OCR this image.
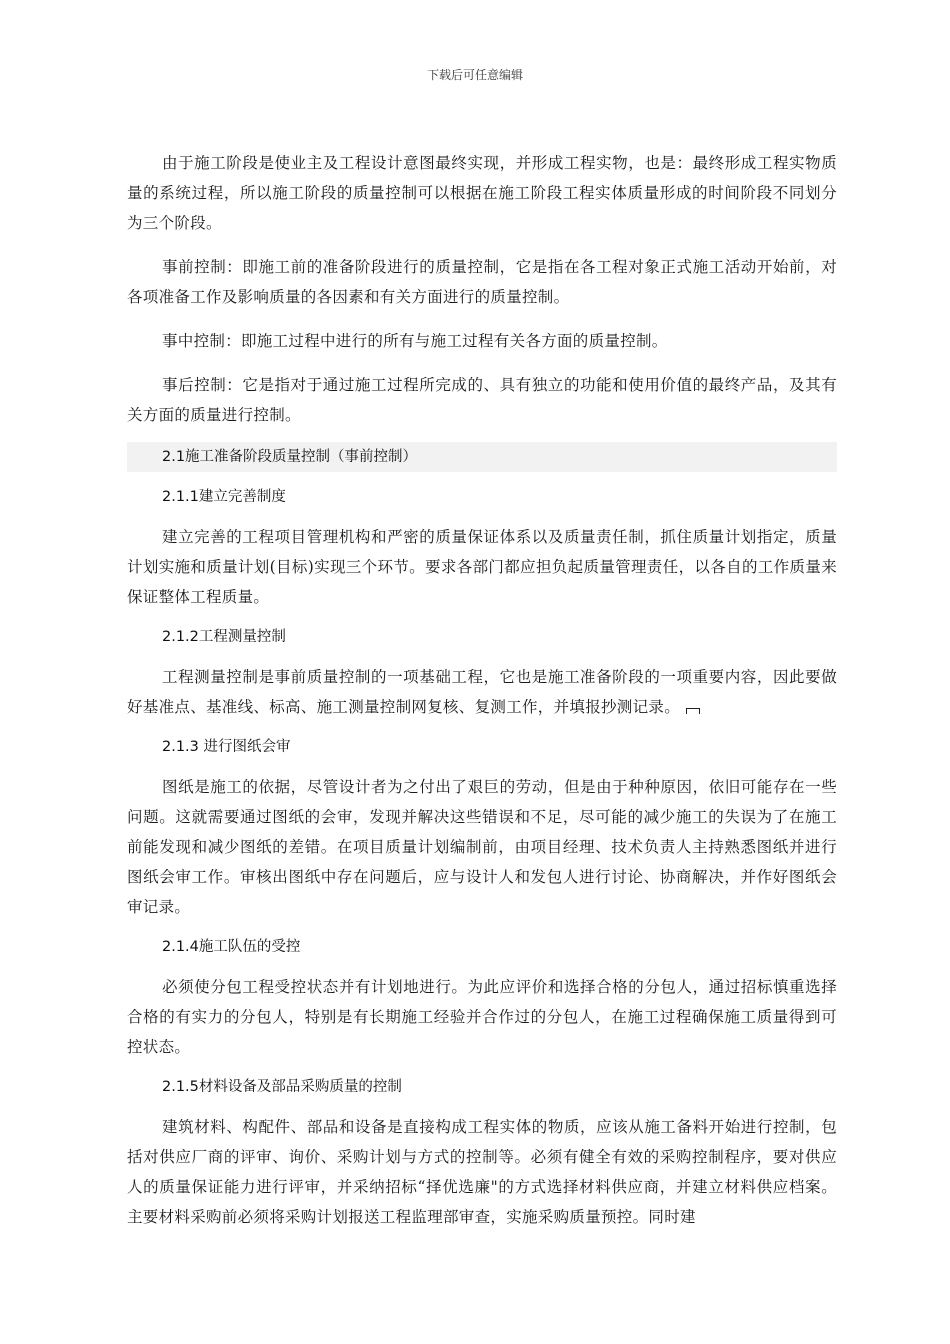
下载后可任意编辑

由于施工阶段是使业主及工程设计意图最终实现，并形成工程实物，也是：最终形成工程实物质量的系统过程，所以施工阶段的质量控制可以根据在施工阶段工程实体质量形成的时间阶段不同划分为三个阶段。

事前控制：即施工前的准备阶段进行的质量控制，它是指在各工程对象正式施工活动开始前，对各项准备工作及影响质量的各因素和有关方面进行的质量控制。

事中控制：即施工过程中进行的所有与施工过程有关各方面的质量控制。

事后控制：它是指对于通过施工过程所完成的、具有独立的功能和使用价值的最终产品，及其有关方面的质量进行控制。

2.1施工准备阶段质量控制（事前控制）

2.1.1建立完善制度

建立完善的工程项目管理机构和严密的质量保证体系以及质量责任制，抓住质量计划指定，质量计划实施和质量计划(目标)实现三个环节。要求各部门都应担负起质量管理责任，以各自的工作质量来保证整体工程质量。

2.1.2工程测量控制

工程测量控制是事前质量控制的一项基础工程，它也是施工准备阶段的一项重要内容，因此要做好基准点、基准线、标高、施工测量控制网复核、复测工作，并填报抄测记录。

2.1.3 进行图纸会审

图纸是施工的依据，尽管设计者为之付出了艰巨的劳动，但是由于种种原因，依旧可能存在一些问题。这就需要通过图纸的会审，发现并解决这些错误和不足，尽可能的减少施工的失误为了在施工前能发现和减少图纸的差错。在项目质量计划编制前，由项目经理、技术负责人主持熟悉图纸并进行图纸会审工作。审核出图纸中存在问题后，应与设计人和发包人进行讨论、协商解决，并作好图纸会审记录。

2.1.4施工队伍的受控

必须使分包工程受控状态并有计划地进行。为此应评价和选择合格的分包人，通过招标慎重选择合格的有实力的分包人，特别是有长期施工经验并合作过的分包人，在施工过程确保施工质量得到可控状态。

2.1.5材料设备及部品采购质量的控制

建筑材料、构配件、部品和设备是直接构成工程实体的物质，应该从施工备料开始进行控制，包括对供应厂商的评审、询价、采购计划与方式的控制等。必须有健全有效的采购控制程序，要对供应人的质量保证能力进行评审，并采纳招标“择优选廉"的方式选择材料供应商，并建立材料供应档案。主要材料采购前必须将采购计划报送工程监理部审查，实施采购质量预控。同时建
